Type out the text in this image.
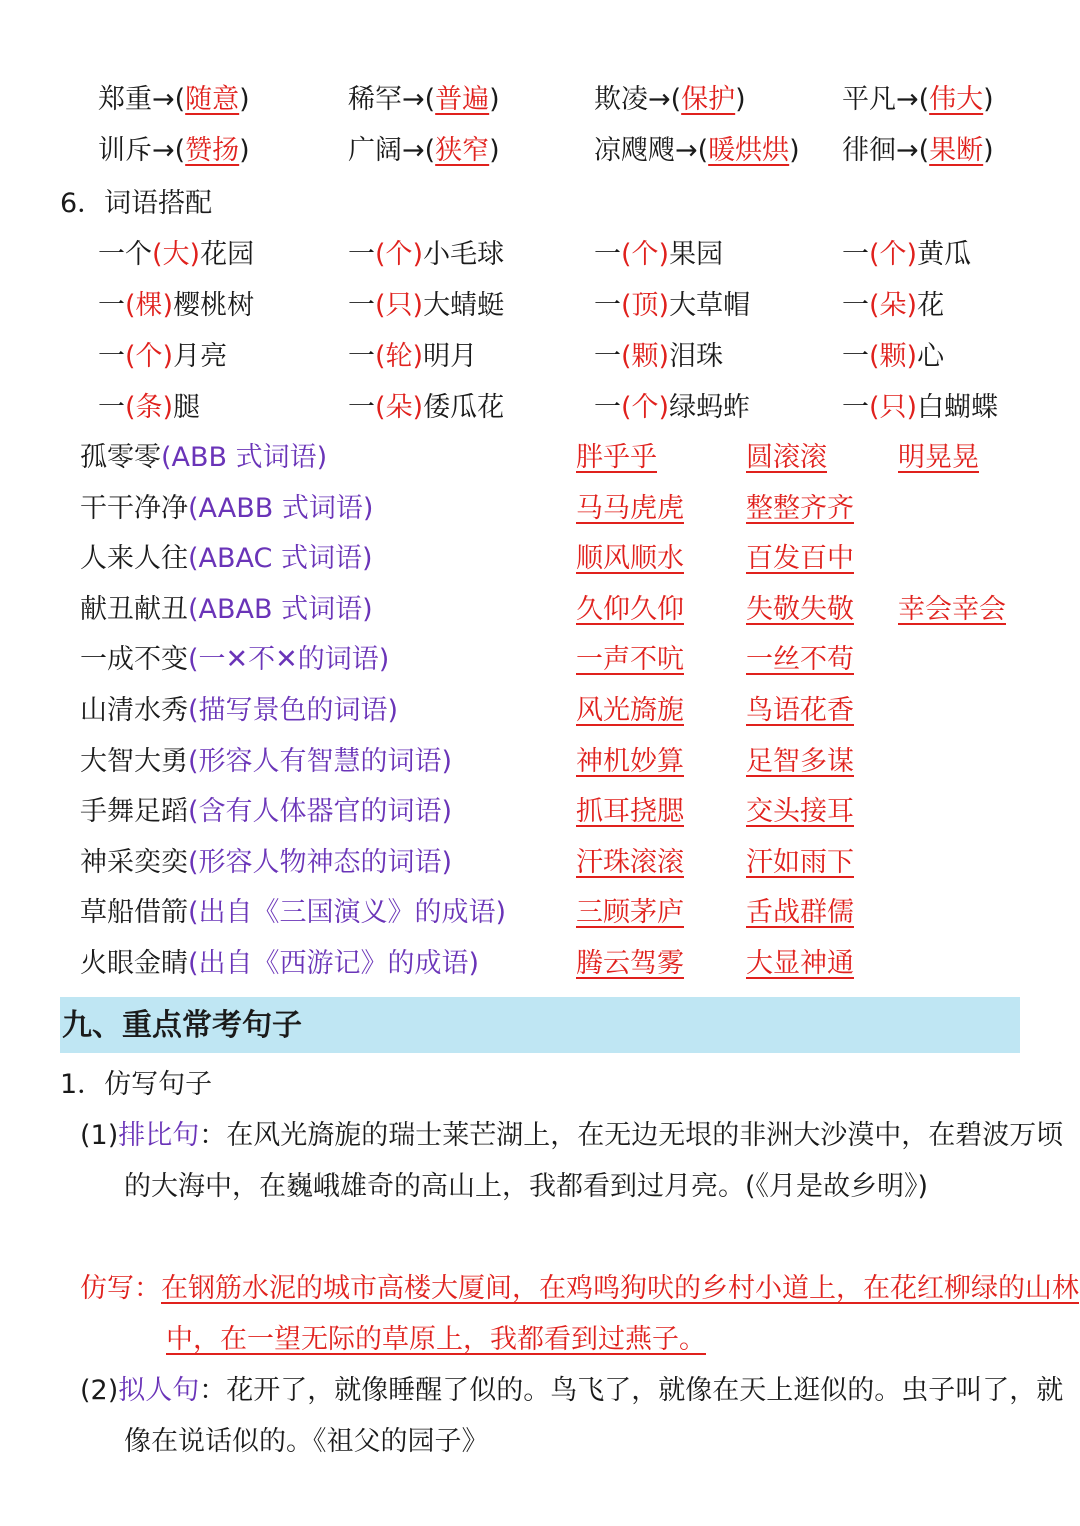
郑重→(随意)	稀罕→(普遍)	欺凌→(保护)	平凡→(伟大)
训斥→(赞扬)	广阔→(狭窄)	凉飕飕→(暖烘烘) 徘徊→(果断)
6．词语搭配
一个(大)花园	一(个)小毛球	一(个)果园	一(个)黄瓜
一(棵)樱桃树	一(只)大蜻蜓	一(顶)大草帽	一(朵)花
一(个)月亮	一(轮)明月	一(颗)泪珠	一(颗)心
一(条)腿	一(朵)倭瓜花	一(个)绿蚂蚱	一(只)白蝴蝶
孤零零(ABB 式词语)	胖乎乎	圆滚滚	明晃晃
干干净净(AABB 式词语)	马马虎虎 整整齐齐
人来人往(ABAC 式词语)	顺风顺水 百发百中
献丑献丑(ABAB 式词语)	久仰久仰 失敬失敬 幸会幸会
一成不变(一✕不✕的词语)	一声不吭 一丝不苟
山清水秀(描写景色的词语)	风光旖旎 鸟语花香
大智大勇(形容人有智慧的词语)	神机妙算 足智多谋
手舞足蹈(含有人体器官的词语)	抓耳挠腮 交头接耳
神采奕奕(形容人物神态的词语)	汗珠滚滚 汗如雨下
草船借箭(出自《三国演义》的成语)	三顾茅庐 舌战群儒
火眼金睛(出自《西游记》的成语)	腾云驾雾 大显神通
九、重点常考句子
1．仿写句子
(1)排比句：在风光旖旎的瑞士莱芒湖上，在无边无垠的非洲大沙漠中，在碧波万顷的大海中，在巍峨雄奇的高山上，我都看到过月亮。(《月是故乡明》)
仿写：在钢筋水泥的城市高楼大厦间，在鸡鸣狗吠的乡村小道上，在花红柳绿的山林中，在一望无际的草原上，我都看到过燕子。
(2)拟人句：花开了，就像睡醒了似的。鸟飞了，就像在天上逛似的。虫子叫了，就像在说话似的。《祖父的园子》
